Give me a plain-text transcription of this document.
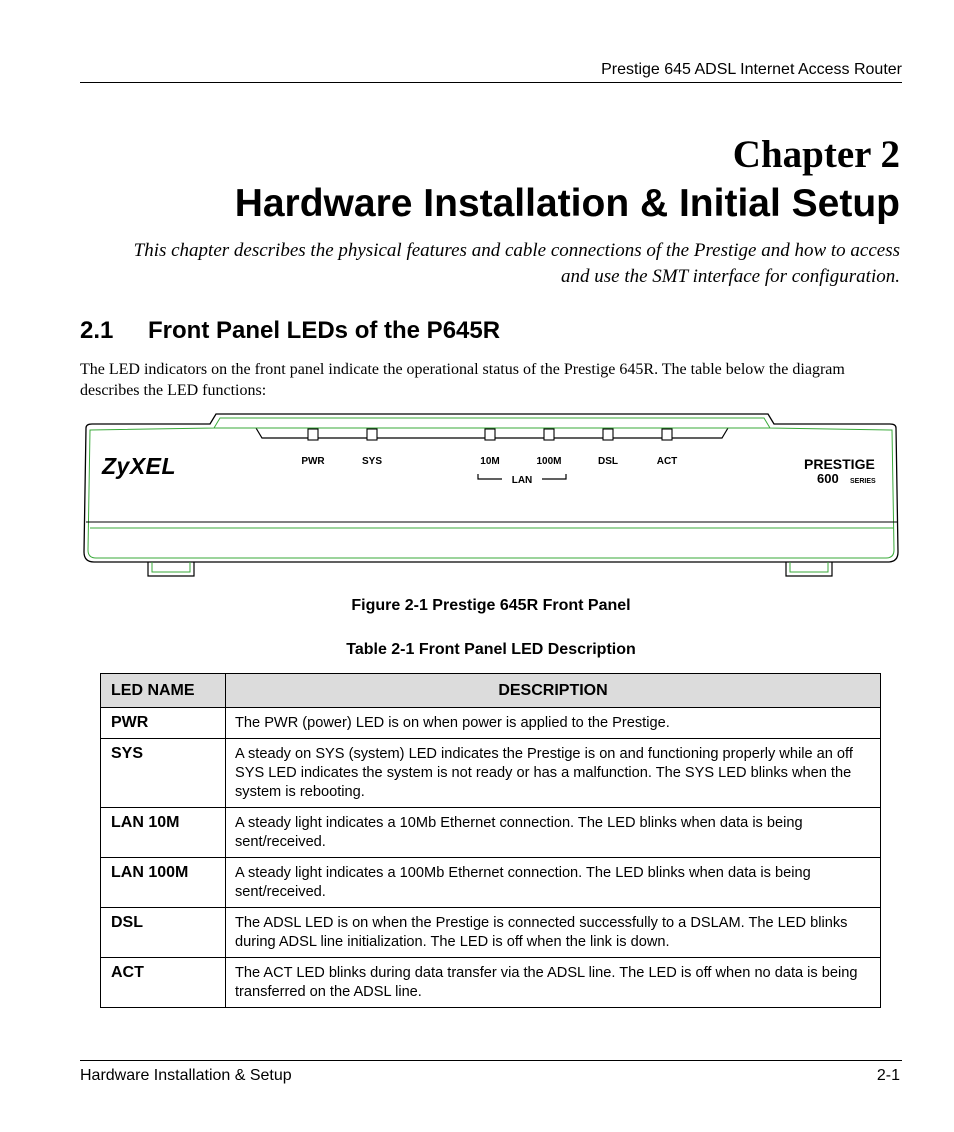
Prestige 645 ADSL Internet Access Router
Chapter 2
Hardware Installation & Initial Setup
This chapter describes the physical features and cable connections of the Prestige and how to access and use the SMT interface for configuration.
2.1 Front Panel LEDs of the P645R
The LED indicators on the front panel indicate the operational status of the Prestige 645R. The table below the diagram describes the LED functions:
PWR	SYS	10M	100M	DSL	ACT
LAN
ZyXEL	PRESTIGE
600 SERIES
Figure 2-1 Prestige 645R Front Panel
Table 2-1 Front Panel LED Description
LED NAME	DESCRIPTION
PWR	The PWR (power) LED is on when power is applied to the Prestige.
SYS	A steady on SYS (system) LED indicates the Prestige is on and functioning properly while an off SYS LED indicates the system is not ready or has a malfunction. The SYS LED blinks when the system is rebooting.
LAN 10M	A steady light indicates a 10Mb Ethernet connection. The LED blinks when data is being sent/received.
LAN 100M	A steady light indicates a 100Mb Ethernet connection. The LED blinks when data is being sent/received.
DSL	The ADSL LED is on when the Prestige is connected successfully to a DSLAM. The LED blinks during ADSL line initialization. The LED is off when the link is down.
ACT	The ACT LED blinks during data transfer via the ADSL line. The LED is off when no data is being transferred on the ADSL line.
Hardware Installation & Setup	2-1
